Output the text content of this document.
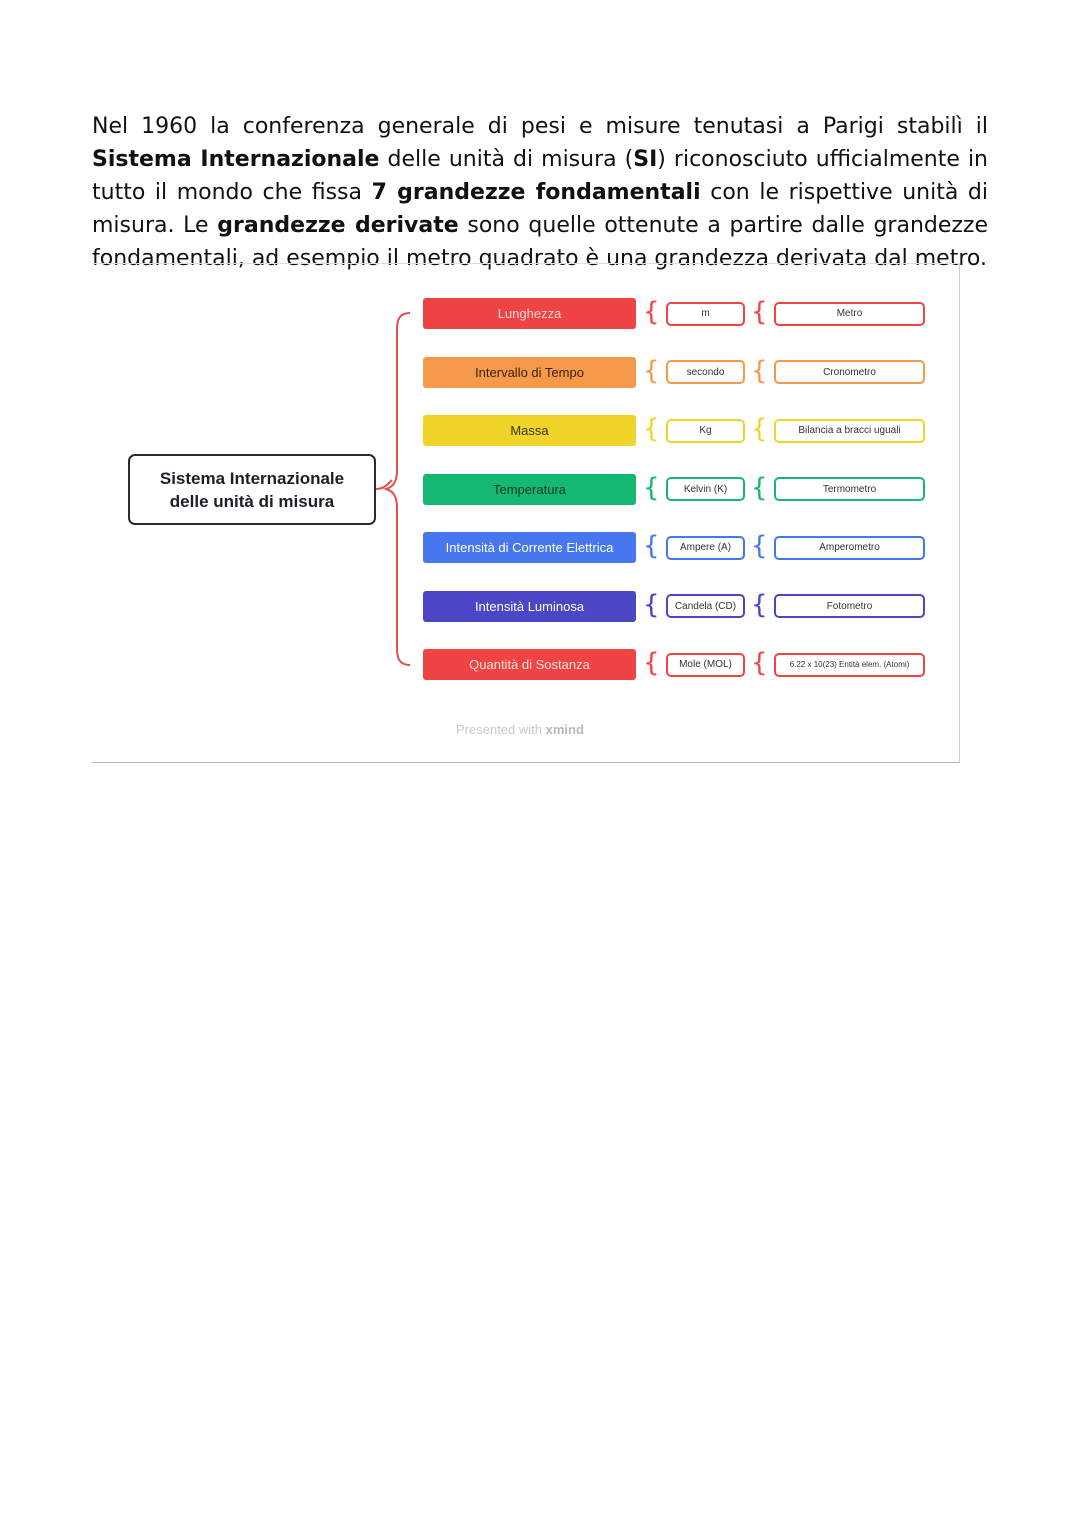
Nel 1960 la conferenza generale di pesi e misure tenutasi a Parigi stabilì il Sistema Internazionale delle unità di misura (SI) riconosciuto ufficialmente in tutto il mondo che fissa 7 grandezze fondamentali con le rispettive unità di misura. Le grandezze derivate sono quelle ottenute a partire dalle grandezze fondamentali, ad esempio il metro quadrato è una grandezza derivata dal metro.

Sistema Internazionale
delle unità di misura
Lunghezza	{	m	{	Metro
Intervallo di Tempo	{	secondo	{	Cronometro
Massa	{	Kg	{	Bilancia a bracci uguali
Temperatura	{	Kelvin (K) {	Termometro
Intensità di Corrente Elettrica	{	Ampere (A) {	Amperometro
Intensità Luminosa	{	Candela (CD) {	Fotometro
Quantità di Sostanza	{	Mole (MOL) {	6.22 x 10(23) Entità elem. (Atomi)
Presented with xmind
